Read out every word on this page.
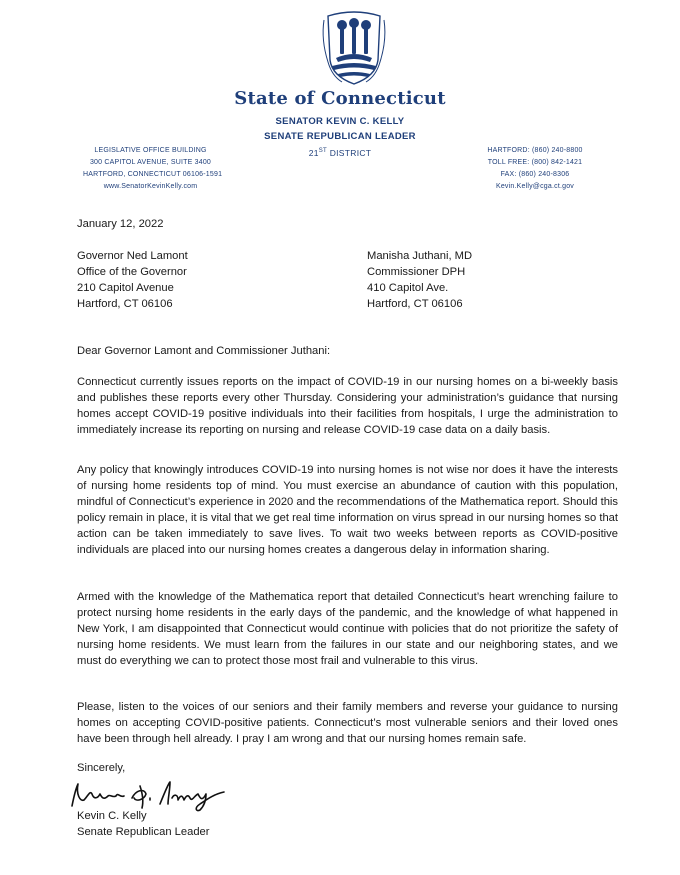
State of Connecticut
SENATOR KEVIN C. KELLY
SENATE REPUBLICAN LEADER
21ST DISTRICT
LEGISLATIVE OFFICE BUILDING
300 CAPITOL AVENUE, SUITE 3400
HARTFORD, CONNECTICUT 06106-1591
www.SenatorKevinKelly.com
HARTFORD: (860) 240-8800
TOLL FREE: (800) 842-1421
FAX: (860) 240-8306
Kevin.Kelly@cga.ct.gov
January 12, 2022
Governor Ned Lamont
Office of the Governor
210 Capitol Avenue
Hartford, CT 06106
Manisha Juthani, MD
Commissioner DPH
410 Capitol Ave.
Hartford, CT 06106
Dear Governor Lamont and Commissioner Juthani:

Connecticut currently issues reports on the impact of COVID-19 in our nursing homes on a bi-weekly basis and publishes these reports every other Thursday. Considering your administration’s guidance that nursing homes accept COVID-19 positive individuals into their facilities from hospitals, I urge the administration to immediately increase its reporting on nursing and release COVID-19 case data on a daily basis.

Any policy that knowingly introduces COVID-19 into nursing homes is not wise nor does it have the interests of nursing home residents top of mind. You must exercise an abundance of caution with this population, mindful of Connecticut’s experience in 2020 and the recommendations of the Mathematica report. Should this policy remain in place, it is vital that we get real time information on virus spread in our nursing homes so that action can be taken immediately to save lives. To wait two weeks between reports as COVID-positive individuals are placed into our nursing homes creates a dangerous delay in information sharing.

Armed with the knowledge of the Mathematica report that detailed Connecticut’s heart wrenching failure to protect nursing home residents in the early days of the pandemic, and the knowledge of what happened in New York, I am disappointed that Connecticut would continue with policies that do not prioritize the safety of nursing home residents. We must learn from the failures in our state and our neighboring states, and we must do everything we can to protect those most frail and vulnerable to this virus.

Please, listen to the voices of our seniors and their family members and reverse your guidance to nursing homes on accepting COVID-positive patients. Connecticut’s most vulnerable seniors and their loved ones have been through hell already. I pray I am wrong and that our nursing homes remain safe.

Sincerely,
Kevin C. Kelly
Senate Republican Leader
